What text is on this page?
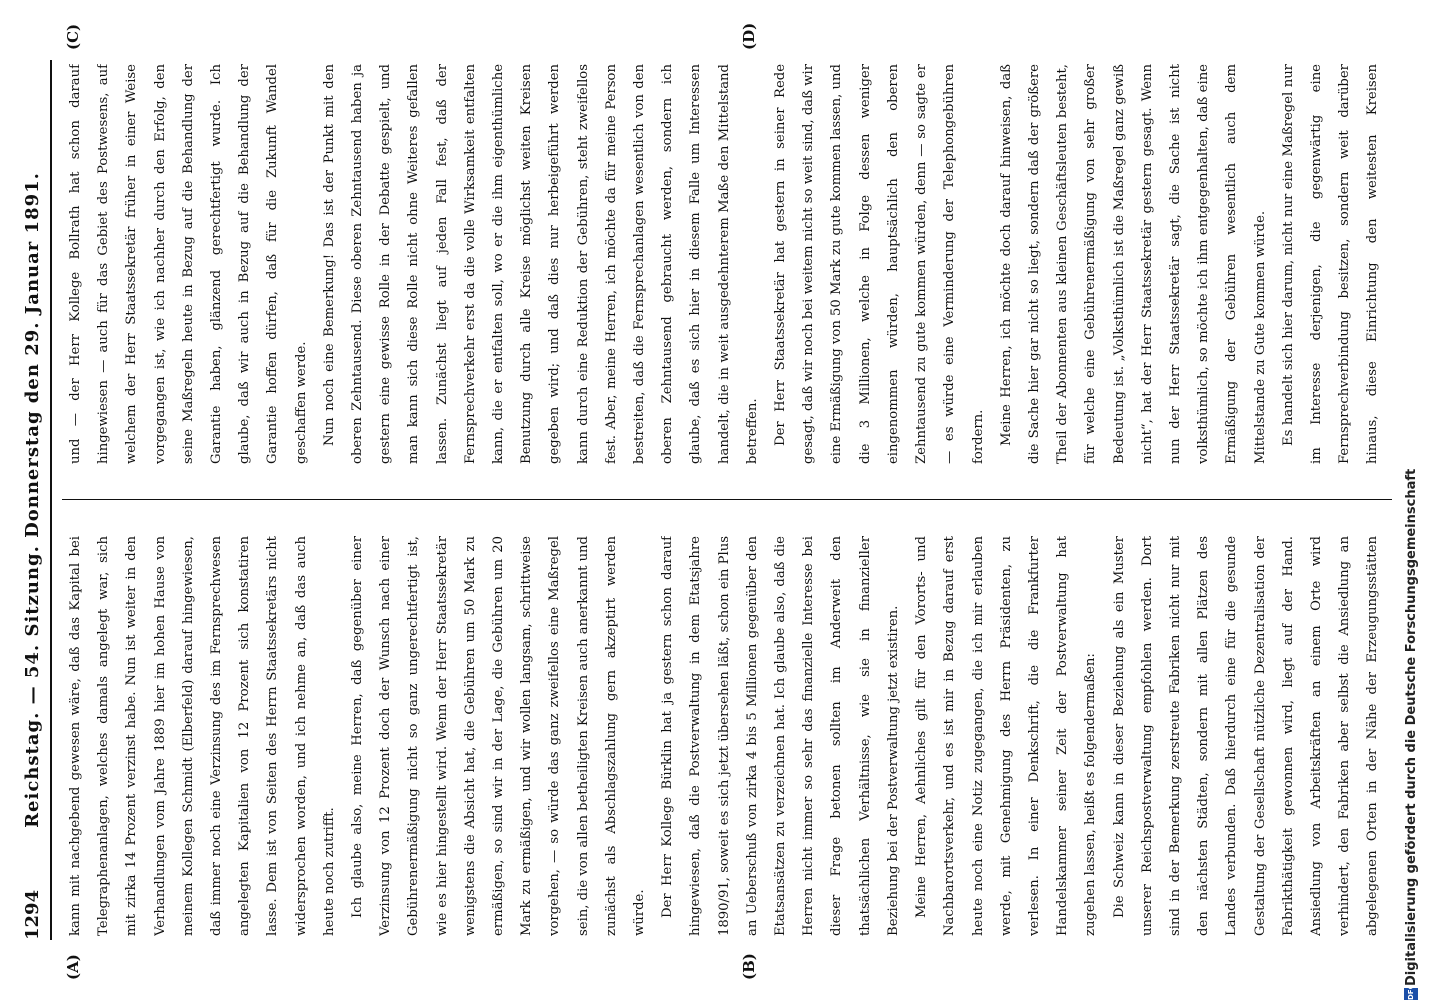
1294
Reichstag. — 54. Sitzung. Donnerstag den 29. Januar 1891.
(A)	(B)
(C)	(D)

kann mit nachgebend gewesen wäre, daß das Kapital bei Telegraphenanlagen, welches damals angelegt war, sich mit zirka 14 Prozent verzinst habe. Nun ist weiter in den Verhandlungen vom Jahre 1889 hier im hohen Hause von meinem Kollegen Schmidt (Elberfeld) darauf hingewiesen, daß immer noch eine Verzinsung des im Fernsprechwesen angelegten Kapitalien von 12 Prozent sich konstatiren lasse. Dem ist von Seiten des Herrn Staatssekretärs nicht widersprochen worden, und ich nehme an, daß das auch heute noch zutrifft.	Ich glaube also, meine Herren, daß gegenüber einer Verzinsung von 12 Prozent doch der Wunsch nach einer Gebührenermäßigung nicht so ganz ungerechtfertigt ist, wie es hier hingestellt wird. Wenn der Herr Staatssekretär wenigstens die Absicht hat, die Gebühren um 50 Mark zu ermäßigen, so sind wir in der Lage, die Gebühren um 20 Mark zu ermäßigen, und wir wollen langsam, schrittweise vorgehen, — so würde das ganz zweifellos eine Maßregel sein, die von allen betheiligten Kreisen auch anerkannt und zunächst als Abschlagszahlung gern akzeptirt werden würde.	Der Herr Kollege Bürklin hat ja gestern schon darauf hingewiesen, daß die Postverwaltung in dem Etatsjahre 1890/91, soweit es sich jetzt übersehen läßt, schon ein Plus an Ueberschuß von zirka 4 bis 5 Millionen gegenüber den Etatsansätzen zu verzeichnen hat. Ich glaube also, daß die Herren nicht immer so sehr das finanzielle Interesse bei dieser Frage betonen sollten im Anderweit den thatsächlichen Verhältnisse, wie sie in finanzieller Beziehung bei der Postverwaltung jetzt existiren.	Meine Herren, Aehnliches gilt für den Vororts- und Nachbarortsverkehr, und es ist mir in Bezug darauf erst heute noch eine Notiz zugegangen, die ich mir erlauben werde, mit Genehmigung des Herrn Präsidenten, zu verlesen. In einer Denkschrift, die die Frankfurter Handelskammer seiner Zeit der Postverwaltung hat zugehen lassen, heißt es folgendermaßen:	Die Schweiz kann in dieser Beziehung als ein Muster unserer Reichspostverwaltung empfohlen werden. Dort sind in der Bemerkung zerstreute Fabriken nicht nur mit den nächsten Städten, sondern mit allen Plätzen des Landes verbunden. Daß hierdurch eine für die gesunde Gestaltung der Gesellschaft nützliche Dezentralisation der Fabrikthätigkeit gewonnen wird, liegt auf der Hand. Ansiedlung von Arbeitskräften an einem Orte wird verhindert, den Fabriken aber selbst die Ansiedlung an abgelegenen Orten in der Nähe der Erzeugungsstätten

und — der Herr Kollege Bollrath hat schon darauf hingewiesen — auch für das Gebiet des Postwesens, auf welchem der Herr Staatssekretär früher in einer Weise vorgegangen ist, wie ich nachher durch den Erfolg, den seine Maßregeln heute in Bezug auf die Behandlung der Garantie haben, glänzend gerechtfertigt wurde. Ich glaube, daß wir auch in Bezug auf die Behandlung der Garantie hoffen dürfen, daß für die Zukunft Wandel geschaffen werde.	Nun noch eine Bemerkung! Das ist der Punkt mit den oberen Zehntausend. Diese oberen Zehntausend haben ja gestern eine gewisse Rolle in der Debatte gespielt, und man kann sich diese Rolle nicht ohne Weiteres gefallen lassen. Zunächst liegt auf jeden Fall fest, daß der Fernsprechverkehr erst da die volle Wirksamkeit entfalten kann, die er entfalten soll, wo er die ihm eigenthümliche Benutzung durch alle Kreise möglichst weiten Kreisen gegeben wird; und daß dies nur herbeigeführt werden kann durch eine Reduktion der Gebühren, steht zweifellos fest. Aber, meine Herren, ich möchte da für meine Person bestreiten, daß die Fernsprechanlagen wesentlich von den oberen Zehntausend gebraucht werden, sondern ich glaube, daß es sich hier in diesem Falle um Interessen handelt, die in weit ausgedehnterem Maße den Mittelstand betreffen.	Der Herr Staatssekretär hat gestern in seiner Rede gesagt, daß wir noch bei weitem nicht so weit sind, daß wir eine Ermäßigung von 50 Mark zu gute kommen lassen, und die 3 Millionen, welche in Folge dessen weniger eingenommen würden, hauptsächlich den oberen Zehntausend zu gute kommen würden, denn — so sagte er — es würde eine Verminderung der Telephongebühren fordern.	Meine Herren, ich möchte doch darauf hinweisen, daß die Sache hier gar nicht so liegt, sondern daß der größere Theil der Abonnenten aus kleinen Geschäftsleuten besteht, für welche eine Gebührenermäßigung von sehr großer Bedeutung ist. „Volksthümlich ist die Maßregel ganz gewiß nicht“, hat der Herr Staatssekretär gestern gesagt. Wenn nun der Herr Staatssekretär sagt, die Sache ist nicht volksthümlich, so möchte ich ihm entgegenhalten, daß eine Ermäßigung der Gebühren wesentlich auch dem Mittelstande zu Gute kommen würde.	Es handelt sich hier darum, nicht nur eine Maßregel nur im Interesse derjenigen, die gegenwärtig eine Fernsprechverbindung besitzen, sondern weit darüber hinaus, diese Einrichtung den weitesten Kreisen

DFG
Digitalisierung gefördert durch die Deutsche Forschungsgemeinschaft
